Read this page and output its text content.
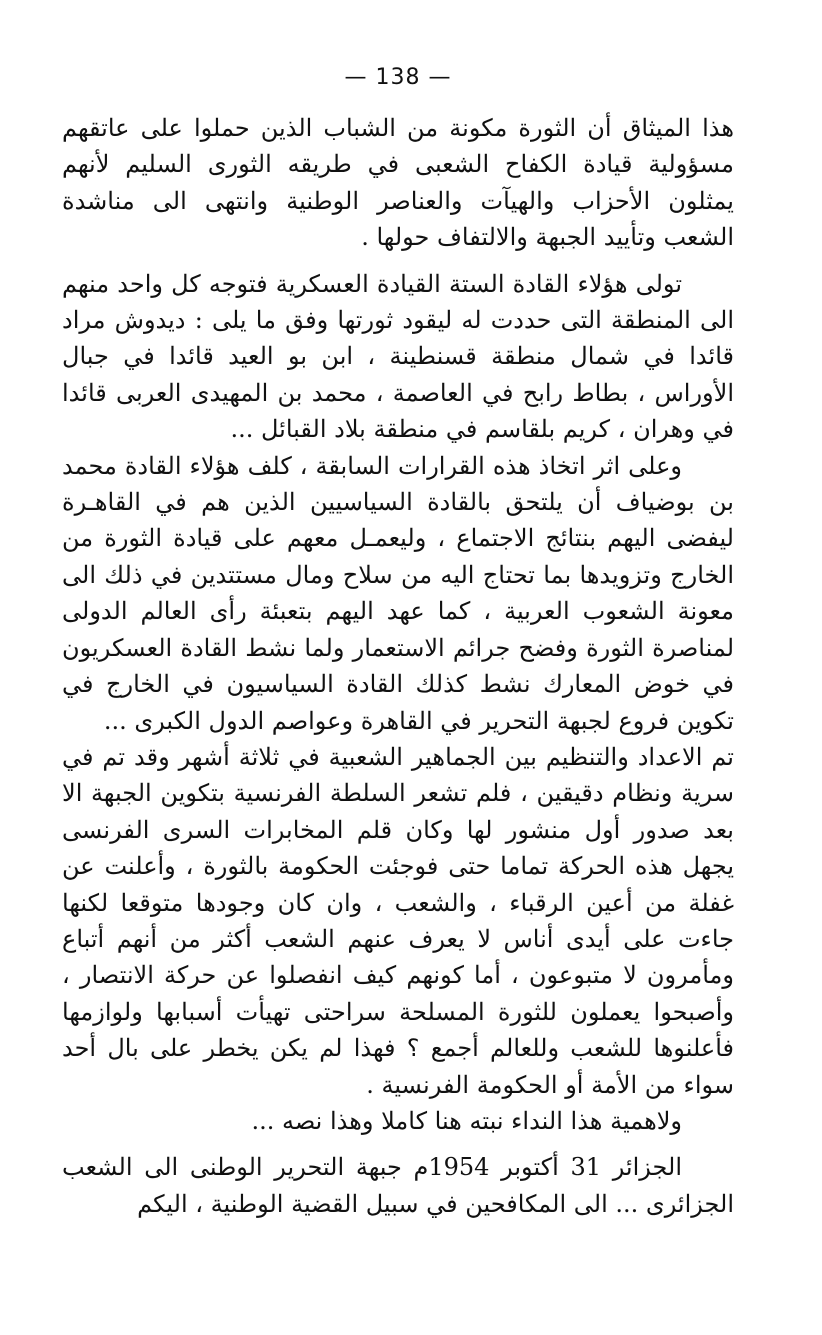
— 138 —

هذا الميثاق أن الثورة مكونة من الشباب الذين حملوا على عاتقهم مسؤولية قيادة الكفاح الشعبى في طريقه الثورى السليم لأنهم يمثلون الأحزاب والهيآت والعناصر الوطنية وانتهى الى مناشدة الشعب وتأييد الجبهة والالتفاف حولها .

تولى هؤلاء القادة الستة القيادة العسكرية فتوجه كل واحد منهم الى المنطقة التى حددت له ليقود ثورتها وفق ما يلى : ديدوش مراد قائدا في شمال منطقة قسنطينة ، ابن بو العيد قائدا في جبال الأوراس ، بطاط رابح في العاصمة ، محمد بن المهيدى العربى قائدا في وهران ، كريم بلقاسم في منطقة بلاد القبائل ...

وعلى اثر اتخاذ هذه القرارات السابقة ، كلف هؤلاء القادة محمد بن بوضياف أن يلتحق بالقادة السياسيين الذين هم في القاهـرة ليفضى اليهم بنتائج الاجتماع ، وليعمـل معهم على قيادة الثورة من الخارج وتزويدها بما تحتاج اليه من سلاح ومال مستتدين في ذلك الى معونة الشعوب العربية ، كما عهد اليهم بتعبئة رأى العالم الدولى لمناصرة الثورة وفضح جرائم الاستعمار ولما نشط القادة العسكريون في خوض المعارك نشط كذلك القادة السياسيون في الخارج في تكوين فروع لجبهة التحرير في القاهرة وعواصم الدول الكبرى ...

تم الاعداد والتنظيم بين الجماهير الشعبية في ثلاثة أشهر وقد تم في سرية ونظام دقيقين ، فلم تشعر السلطة الفرنسية بتكوين الجبهة الا بعد صدور أول منشور لها وكان قلم المخابرات السرى الفرنسى يجهل هذه الحركة تماما حتى فوجئت الحكومة بالثورة ، وأعلنت عن غفلة من أعين الرقباء ، والشعب ، وان كان وجودها متوقعا لكنها جاءت على أيدى أناس لا يعرف عنهم الشعب أكثر من أنهم أتباع ومأمرون لا متبوعون ، أما كونهم كيف انفصلوا عن حركة الانتصار ، وأصبحوا يعملون للثورة المسلحة سراحتى تهيأت أسبابها ولوازمها فأعلنوها للشعب وللعالم أجمع ؟ فهذا لم يكن يخطر على بال أحد سواء من الأمة أو الحكومة الفرنسية .

ولاهمية هذا النداء نبته هنا كاملا وهذا نصه ...

الجزائر 31 أكتوبر 1954م جبهة التحرير الوطنى الى الشعب الجزائرى ... الى المكافحين في سبيل القضية الوطنية ، اليكم
